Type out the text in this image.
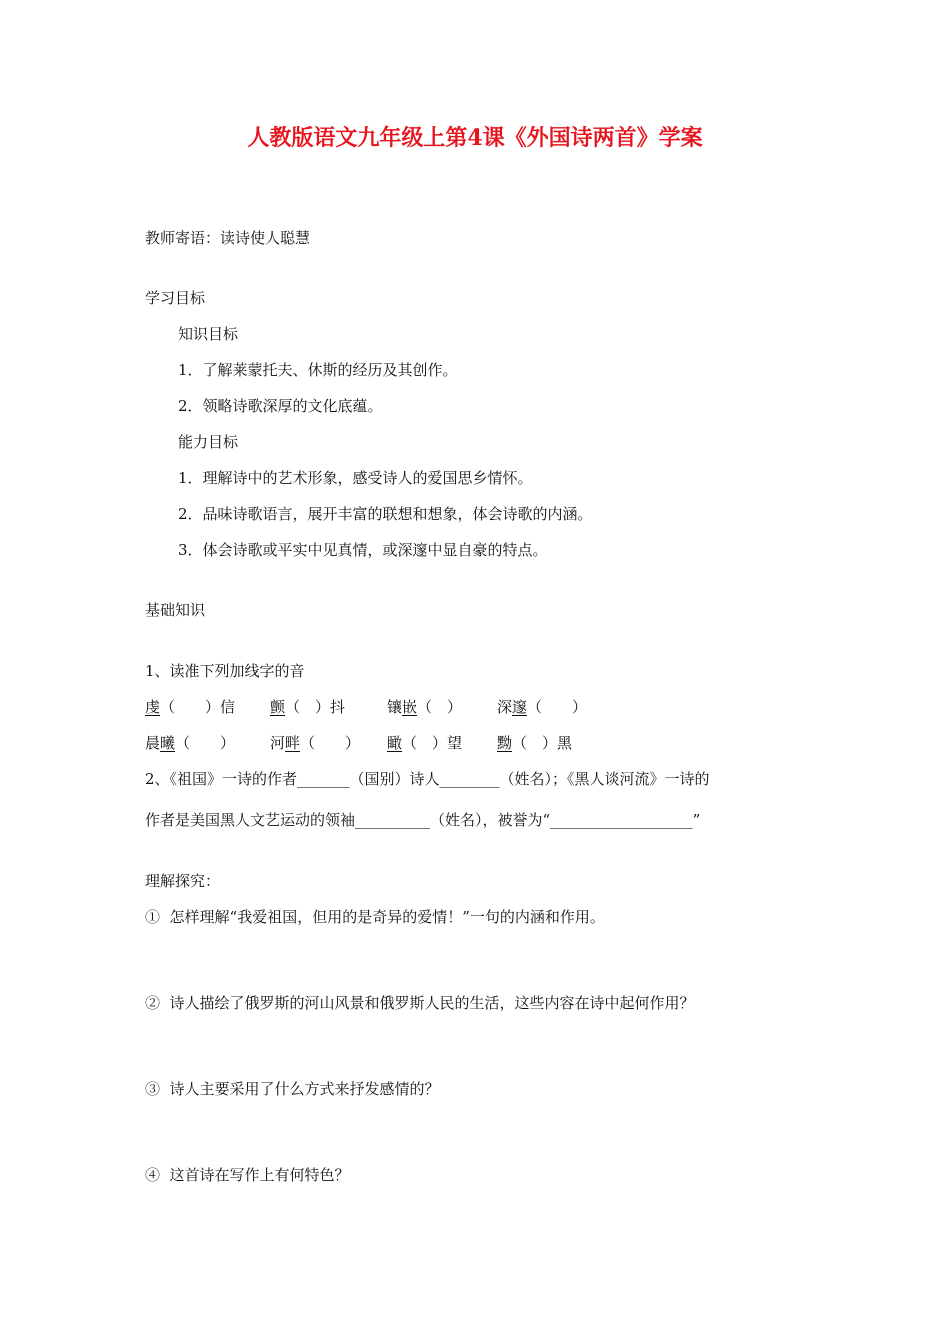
人教版语文九年级上第4课《外国诗两首》学案

教师寄语：读诗使人聪慧

学习目标

知识目标

1．了解莱蒙托夫、休斯的经历及其创作。

2．领略诗歌深厚的文化底蕴。

能力目标

1．理解诗中的艺术形象，感受诗人的爱国思乡情怀。

2．品味诗歌语言，展开丰富的联想和想象，体会诗歌的内涵。

3．体会诗歌或平实中见真情，或深邃中显自豪的特点。

基础知识

1、读准下列加线字的音

虔（　　）信 颤（　）抖	镶嵌（　） 深邃（　　）
晨曦（　　） 河畔（　　） 瞰（　）望 黝（　）黑

2、《祖国》一诗的作者_______（国别）诗人________（姓名）；《黑人谈河流》一诗的

作者是美国黑人文艺运动的领袖__________（姓名），被誉为“___________________”

理解探究：

①  怎样理解“我爱祖国，但用的是奇异的爱情！”一句的内涵和作用。

②  诗人描绘了俄罗斯的河山风景和俄罗斯人民的生活，这些内容在诗中起何作用？

③  诗人主要采用了什么方式来抒发感情的？

④  这首诗在写作上有何特色？
